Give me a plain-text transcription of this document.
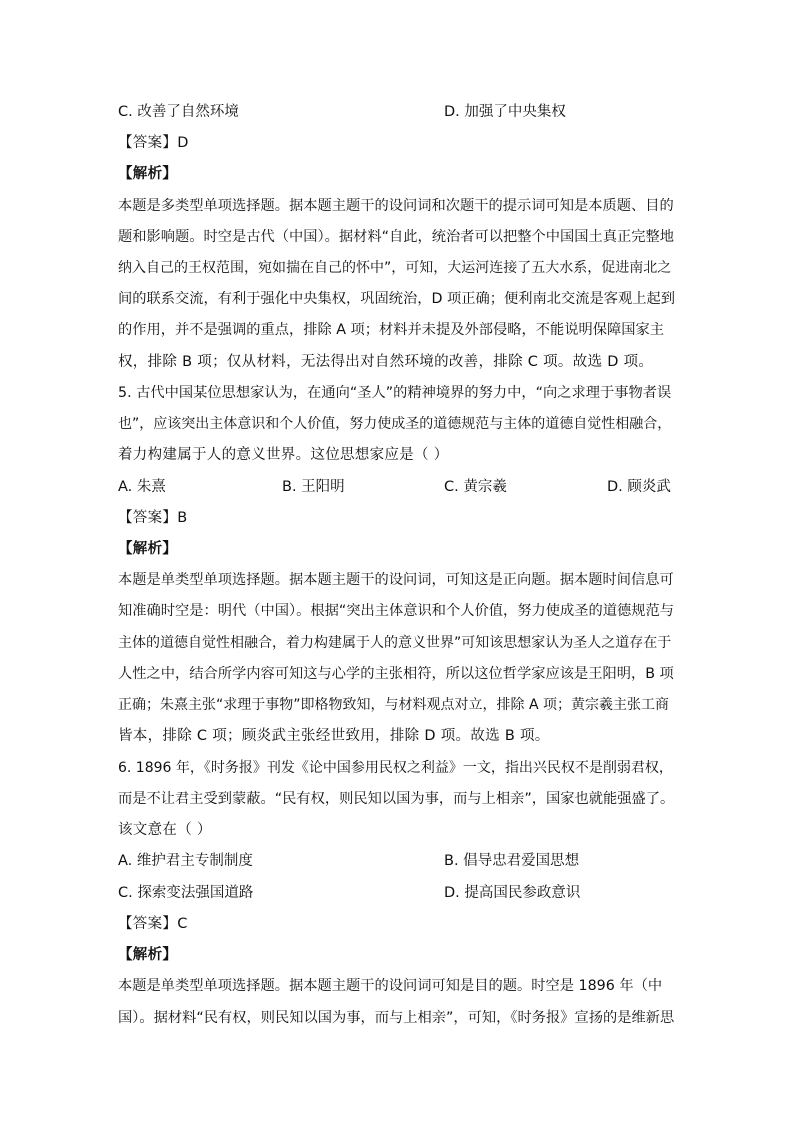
C. 改善了自然环境	D. 加强了中央集权
【答案】D
【解析】
本题是多类型单项选择题。据本题主题干的设问词和次题干的提示词可知是本质题、目的
题和影响题。时空是古代（中国）。据材料“自此，统治者可以把整个中国国土真正完整地
纳入自己的王权范围，宛如揣在自己的怀中”，可知，大运河连接了五大水系，促进南北之
间的联系交流，有利于强化中央集权，巩固统治，D 项正确；便利南北交流是客观上起到
的作用，并不是强调的重点，排除 A 项；材料并未提及外部侵略，不能说明保障国家主
权，排除 B 项；仅从材料，无法得出对自然环境的改善，排除 C 项。故选 D 项。
5. 古代中国某位思想家认为，在通向“圣人”的精神境界的努力中，“向之求理于事物者误
也”，应该突出主体意识和个人价值，努力使成圣的道德规范与主体的道德自觉性相融合，
着力构建属于人的意义世界。这位思想家应是（ ）
A. 朱熹	B. 王阳明	C. 黄宗羲	D. 顾炎武
【答案】B
【解析】
本题是单类型单项选择题。据本题主题干的设问词，可知这是正向题。据本题时间信息可
知准确时空是：明代（中国）。根据“突出主体意识和个人价值，努力使成圣的道德规范与
主体的道德自觉性相融合，着力构建属于人的意义世界”可知该思想家认为圣人之道存在于
人性之中，结合所学内容可知这与心学的主张相符，所以这位哲学家应该是王阳明，B 项
正确；朱熹主张“求理于事物”即格物致知，与材料观点对立，排除 A 项；黄宗羲主张工商
皆本，排除 C 项；顾炎武主张经世致用，排除 D 项。故选 B 项。
6. 1896 年，《时务报》刊发《论中国参用民权之利益》一文，指出兴民权不是削弱君权，
而是不让君主受到蒙蔽。“民有权，则民知以国为事，而与上相亲”，国家也就能强盛了。
该文意在（ ）
A. 维护君主专制制度	B. 倡导忠君爱国思想
C. 探索变法强国道路	D. 提高国民参政意识
【答案】C
【解析】
本题是单类型单项选择题。据本题主题干的设问词可知是目的题。时空是 1896 年（中
国）。据材料“民有权，则民知以国为事，而与上相亲”，可知，《时务报》宣扬的是维新思
